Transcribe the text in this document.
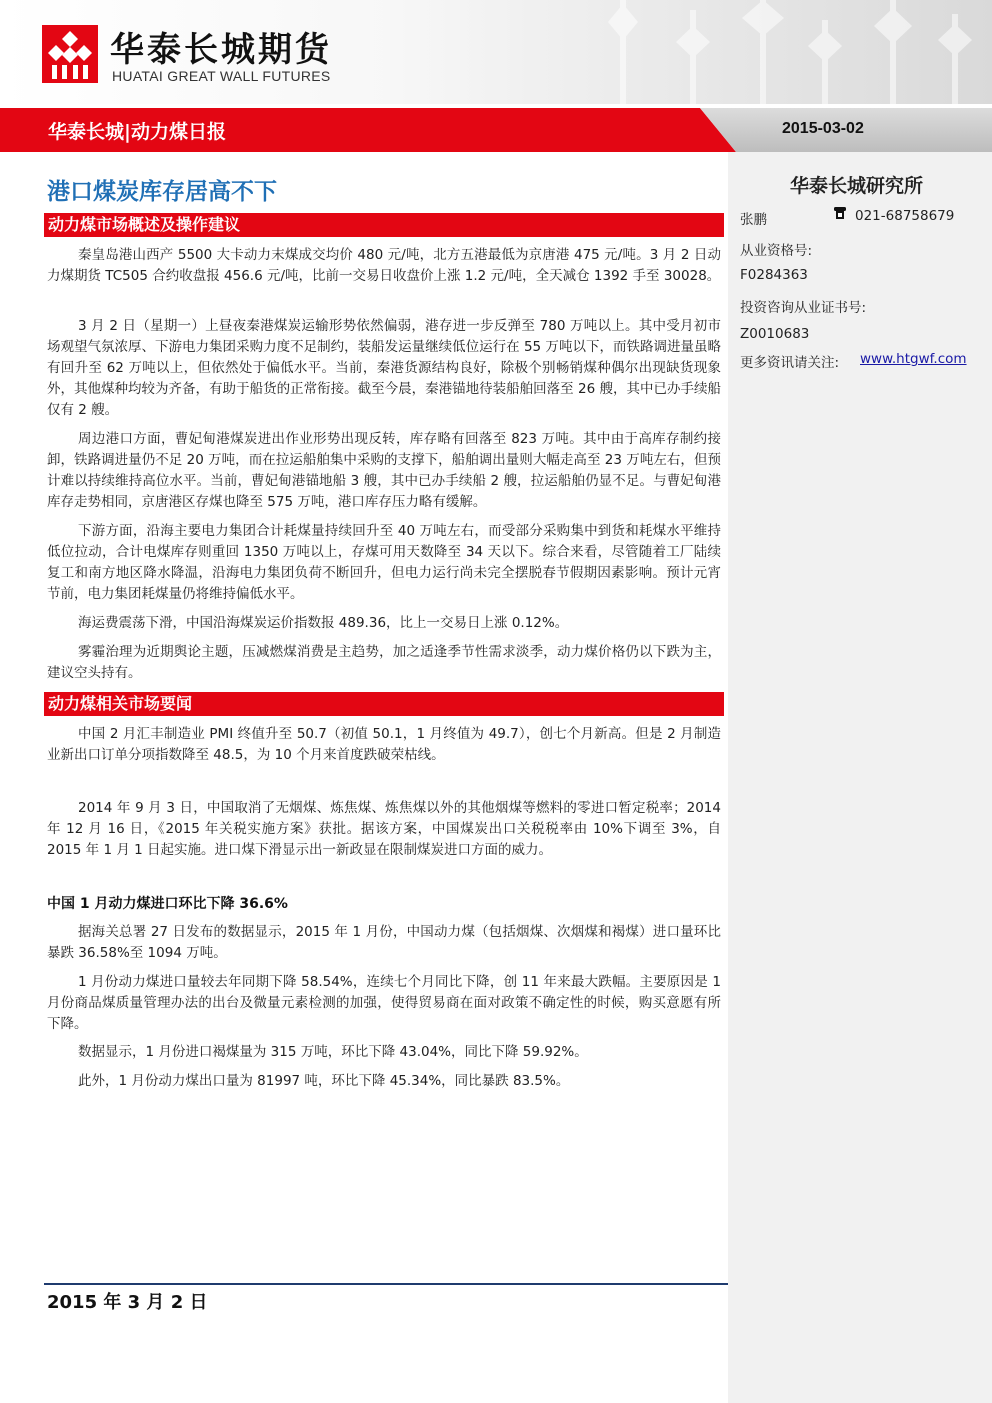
华泰长城期货
HUATAI GREAT WALL FUTURES
华泰长城|动力煤日报	2015-03-02
华泰长城研究所
张鹏	021-68758679
从业资格号:
F0284363
投资咨询从业证书号:
Z0010683
更多资讯请关注: www.htgwf.com
港口煤炭库存居高不下
动力煤市场概述及操作建议

秦皇岛港山西产 5500 大卡动力末煤成交均价 480 元/吨，北方五港最低为京唐港 475 元/吨。3 月 2 日动力煤期货 TC505 合约收盘报 456.6 元/吨，比前一交易日收盘价上涨 1.2 元/吨，全天减仓 1392 手至 30028。

3 月 2 日（星期一）上昼夜秦港煤炭运输形势依然偏弱，港存进一步反弹至 780 万吨以上。其中受月初市场观望气氛浓厚、下游电力集团采购力度不足制约，装船发运量继续低位运行在 55 万吨以下，而铁路调进量虽略有回升至 62 万吨以上，但依然处于偏低水平。当前，秦港货源结构良好，除极个别畅销煤种偶尔出现缺货现象外，其他煤种均较为齐备，有助于船货的正常衔接。截至今晨，秦港锚地待装船舶回落至 26 艘，其中已办手续船仅有 2 艘。

周边港口方面，曹妃甸港煤炭进出作业形势出现反转，库存略有回落至 823 万吨。其中由于高库存制约接卸，铁路调进量仍不足 20 万吨，而在拉运船舶集中采购的支撑下，船舶调出量则大幅走高至 23 万吨左右，但预计难以持续维持高位水平。当前，曹妃甸港锚地船 3 艘，其中已办手续船 2 艘，拉运船舶仍显不足。与曹妃甸港库存走势相同，京唐港区存煤也降至 575 万吨，港口库存压力略有缓解。

下游方面，沿海主要电力集团合计耗煤量持续回升至 40 万吨左右，而受部分采购集中到货和耗煤水平维持低位拉动，合计电煤库存则重回 1350 万吨以上，存煤可用天数降至 34 天以下。综合来看，尽管随着工厂陆续复工和南方地区降水降温，沿海电力集团负荷不断回升，但电力运行尚未完全摆脱春节假期因素影响。预计元宵节前，电力集团耗煤量仍将维持偏低水平。

海运费震荡下滑，中国沿海煤炭运价指数报 489.36，比上一交易日上涨 0.12%。

雾霾治理为近期舆论主题，压减燃煤消费是主趋势，加之适逢季节性需求淡季，动力煤价格仍以下跌为主，建议空头持有。

动力煤相关市场要闻

中国 2 月汇丰制造业 PMI 终值升至 50.7（初值 50.1，1 月终值为 49.7），创七个月新高。但是 2 月制造业新出口订单分项指数降至 48.5，为 10 个月来首度跌破荣枯线。

2014 年 9 月 3 日，中国取消了无烟煤、炼焦煤、炼焦煤以外的其他烟煤等燃料的零进口暂定税率；2014 年 12 月 16 日，《2015 年关税实施方案》获批。据该方案，中国煤炭出口关税税率由 10%下调至 3%，自 2015 年 1 月 1 日起实施。进口煤下滑显示出一新政显在限制煤炭进口方面的威力。

中国 1 月动力煤进口环比下降 36.6%

据海关总署 27 日发布的数据显示，2015 年 1 月份，中国动力煤（包括烟煤、次烟煤和褐煤）进口量环比暴跌 36.58%至 1094 万吨。

1 月份动力煤进口量较去年同期下降 58.54%，连续七个月同比下降，创 11 年来最大跌幅。主要原因是 1 月份商品煤质量管理办法的出台及微量元素检测的加强，使得贸易商在面对政策不确定性的时候，购买意愿有所下降。

数据显示，1 月份进口褐煤量为 315 万吨，环比下降 43.04%，同比下降 59.92%。

此外，1 月份动力煤出口量为 81997 吨，环比下降 45.34%，同比暴跌 83.5%。

2015 年 3 月 2 日
